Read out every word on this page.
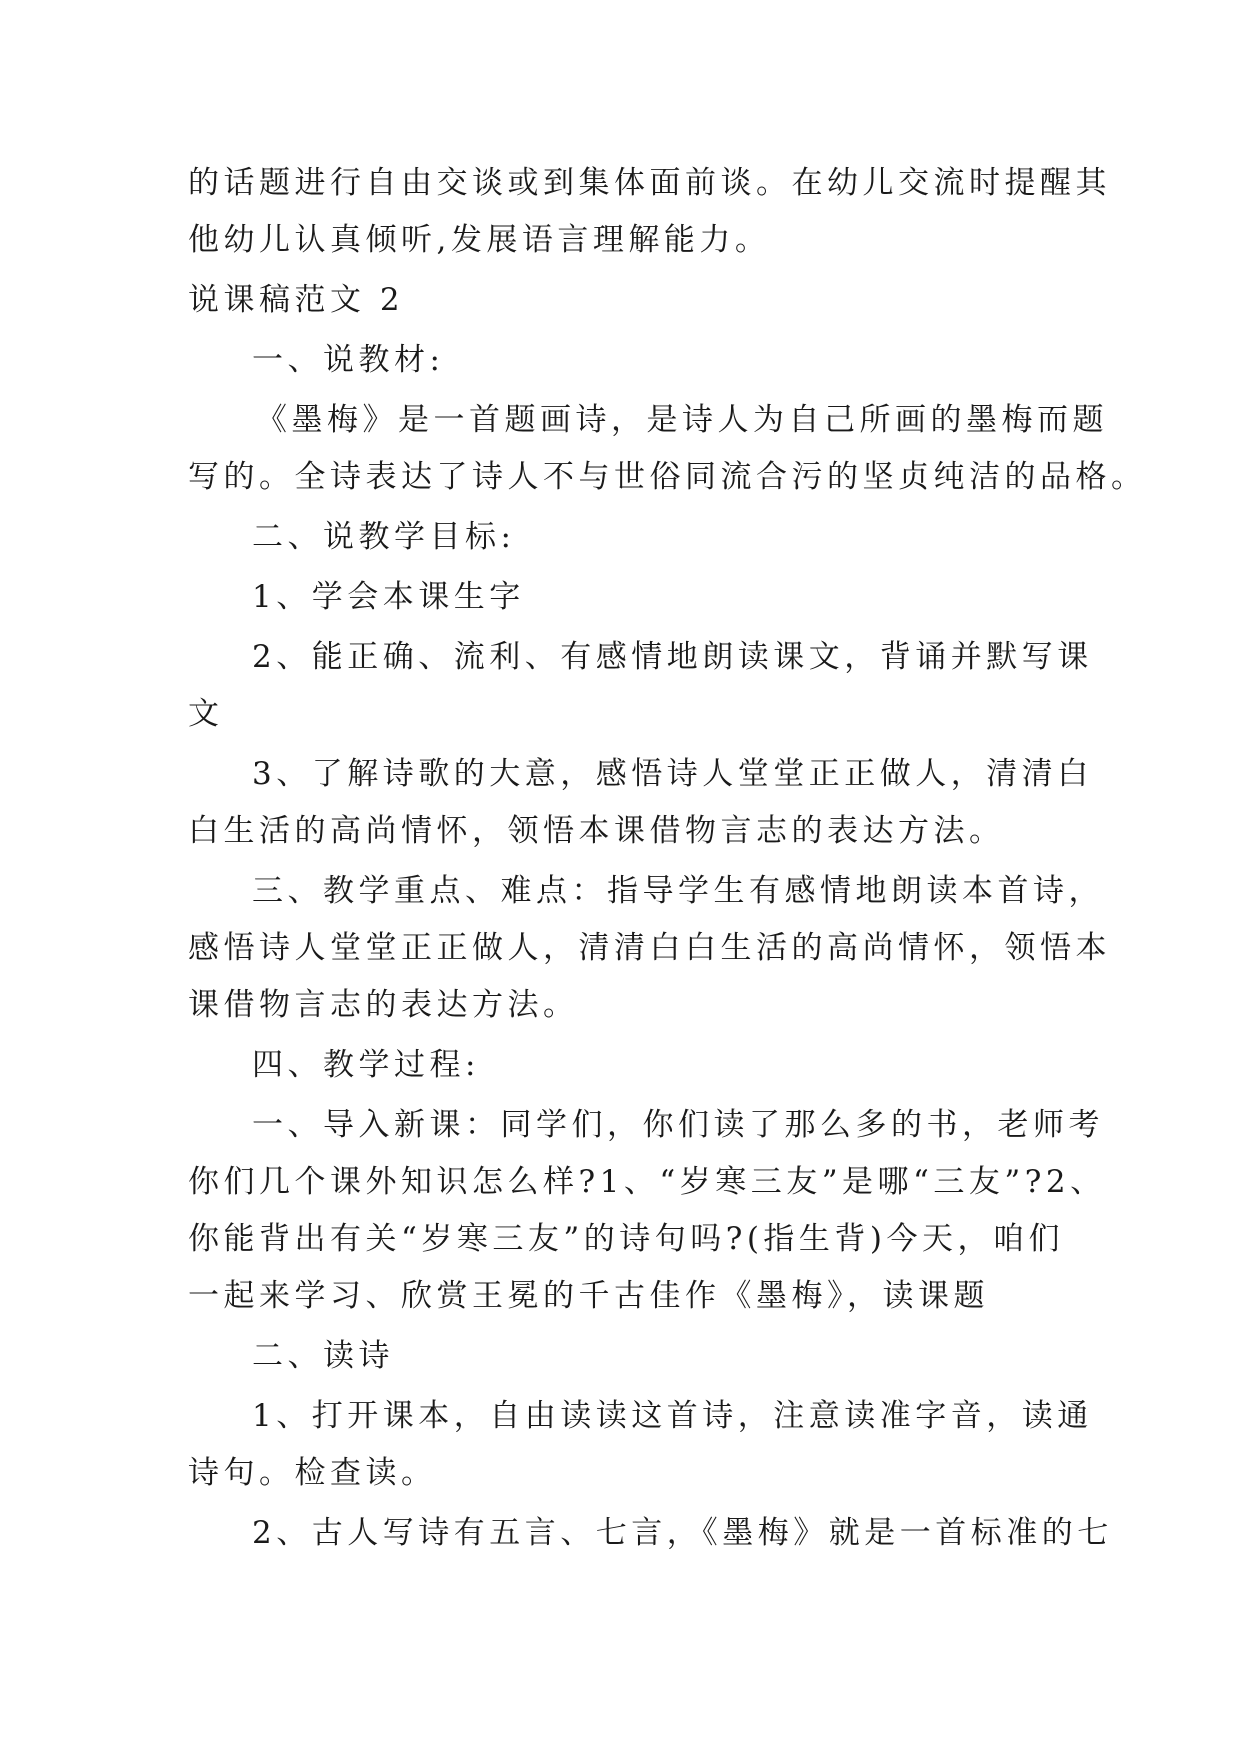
的话题进行自由交谈或到集体面前谈。在幼儿交流时提醒其
他幼儿认真倾听,发展语言理解能力。
说课稿范文 2
一、说教材:
《墨梅》是一首题画诗，是诗人为自己所画的墨梅而题
写的。全诗表达了诗人不与世俗同流合污的坚贞纯洁的品格。
二、说教学目标:
1、学会本课生字
2、能正确、流利、有感情地朗读课文，背诵并默写课
文
3、了解诗歌的大意，感悟诗人堂堂正正做人，清清白
白生活的高尚情怀，领悟本课借物言志的表达方法。
三、教学重点、难点：指导学生有感情地朗读本首诗，
感悟诗人堂堂正正做人，清清白白生活的高尚情怀，领悟本
课借物言志的表达方法。
四、教学过程:
一、导入新课：同学们，你们读了那么多的书，老师考
你们几个课外知识怎么样?1、“岁寒三友”是哪“三友”?2、
你能背出有关“岁寒三友”的诗句吗?(指生背)今天，咱们
一起来学习、欣赏王冕的千古佳作《墨梅》，读课题
二、读诗
1、打开课本，自由读读这首诗，注意读准字音，读通
诗句。检查读。
2、古人写诗有五言、七言，《墨梅》就是一首标准的七
